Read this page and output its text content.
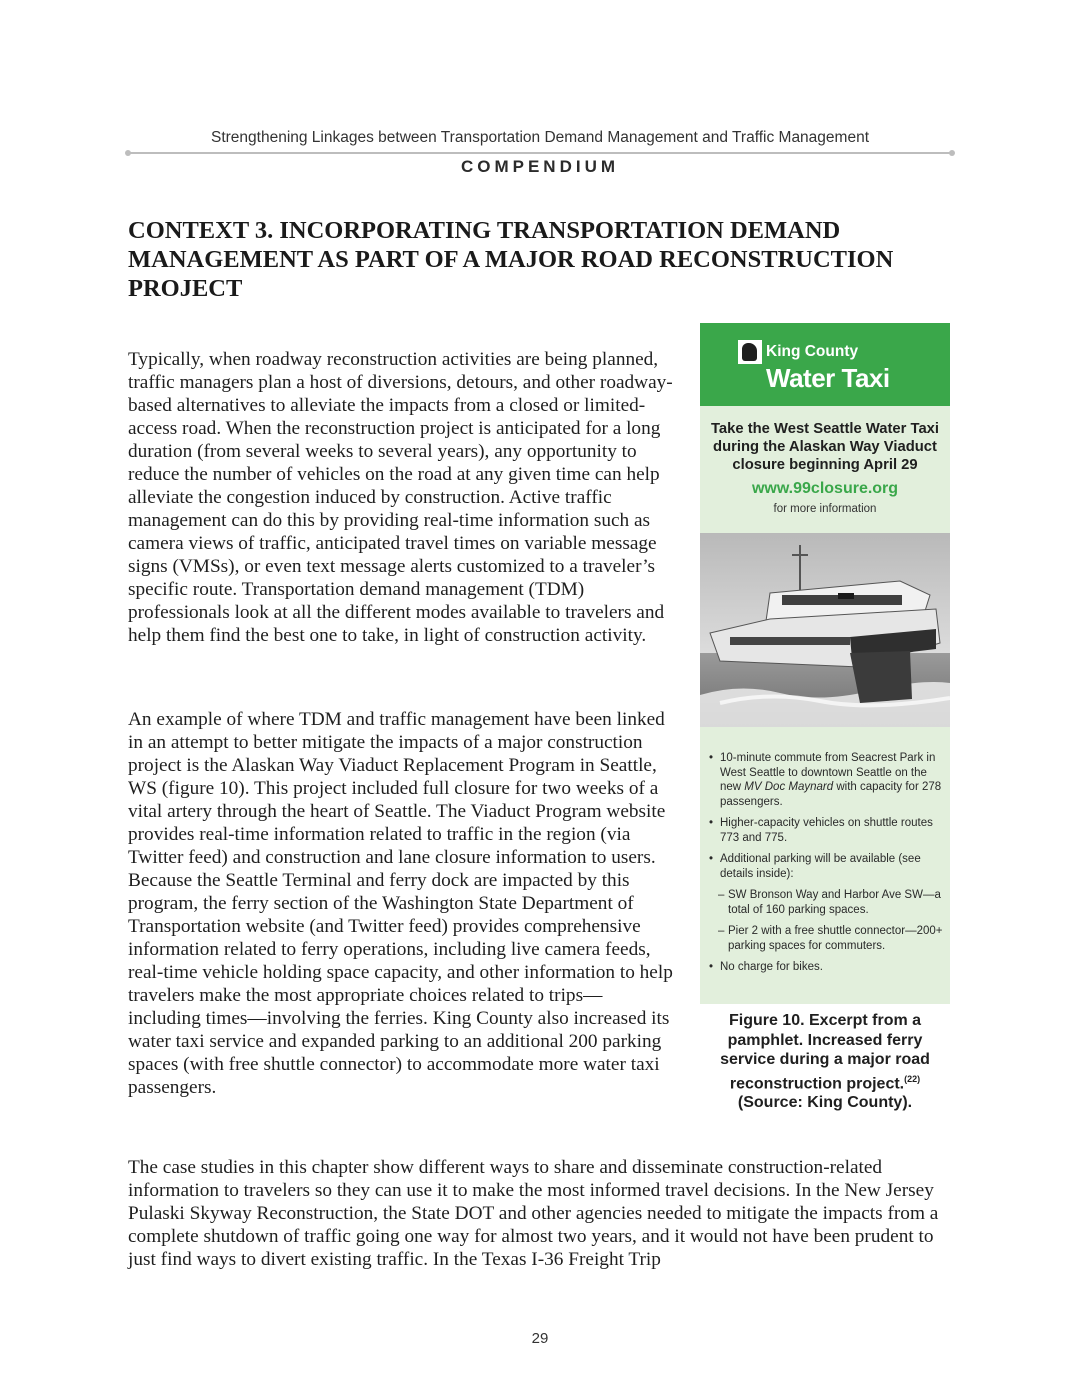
Strengthening Linkages between Transportation Demand Management and Traffic Management
COMPENDIUM
CONTEXT 3. INCORPORATING TRANSPORTATION DEMAND MANAGEMENT AS PART OF A MAJOR ROAD RECONSTRUCTION PROJECT

Typically, when roadway reconstruction activities are being planned, traffic managers plan a host of diversions, detours, and other roadway-based alternatives to alleviate the impacts from a closed or limited-access road. When the reconstruction project is anticipated for a long duration (from several weeks to several years), any opportunity to reduce the number of vehicles on the road at any given time can help alleviate the congestion induced by construction. Active traffic management can do this by providing real-time information such as camera views of traffic, anticipated travel times on variable message signs (VMSs), or even text message alerts customized to a traveler’s specific route. Transportation demand management (TDM) professionals look at all the different modes available to travelers and help them find the best one to take, in light of construction activity.

An example of where TDM and traffic management have been linked in an attempt to better mitigate the impacts of a major construction project is the Alaskan Way Viaduct Replacement Program in Seattle, WS (figure 10). This project included full closure for two weeks of a vital artery through the heart of Seattle. The Viaduct Program website provides real-time information related to traffic in the region (via Twitter feed) and construction and lane closure information to users. Because the Seattle Terminal and ferry dock are impacted by this program, the ferry section of the Washington State Department of Transportation website (and Twitter feed) provides comprehensive information related to ferry operations, including live camera feeds, real-time vehicle holding space capacity, and other information to help travelers make the most appropriate choices related to trips—including times—involving the ferries. King County also increased its water taxi service and expanded parking to an additional 200 parking spaces (with free shuttle connector) to accommodate more water taxi passengers.

King County
Water Taxi

Take the West Seattle Water Taxi during the Alaskan Way Viaduct closure beginning April 29

www.99closure.org
for more information
• 10-minute commute from Seacrest Park in West Seattle to downtown Seattle on the new MV Doc Maynard with capacity for 278 passengers.
• Higher-capacity vehicles on shuttle routes 773 and 775.
• Additional parking will be available (see details inside):
– SW Bronson Way and Harbor Ave SW—a total of 160 parking spaces.
– Pier 2 with a free shuttle connector—200+ parking spaces for commuters.
• No charge for bikes.

Figure 10. Excerpt from a pamphlet. Increased ferry service during a major road reconstruction project.$^{(22)}$ (Source: King County).

The case studies in this chapter show different ways to share and disseminate construction-related information to travelers so they can use it to make the most informed travel decisions. In the New Jersey Pulaski Skyway Reconstruction, the State DOT and other agencies needed to mitigate the impacts from a complete shutdown of traffic going one way for almost two years, and it would not have been prudent to just find ways to divert existing traffic. In the Texas I-36 Freight Trip

29
